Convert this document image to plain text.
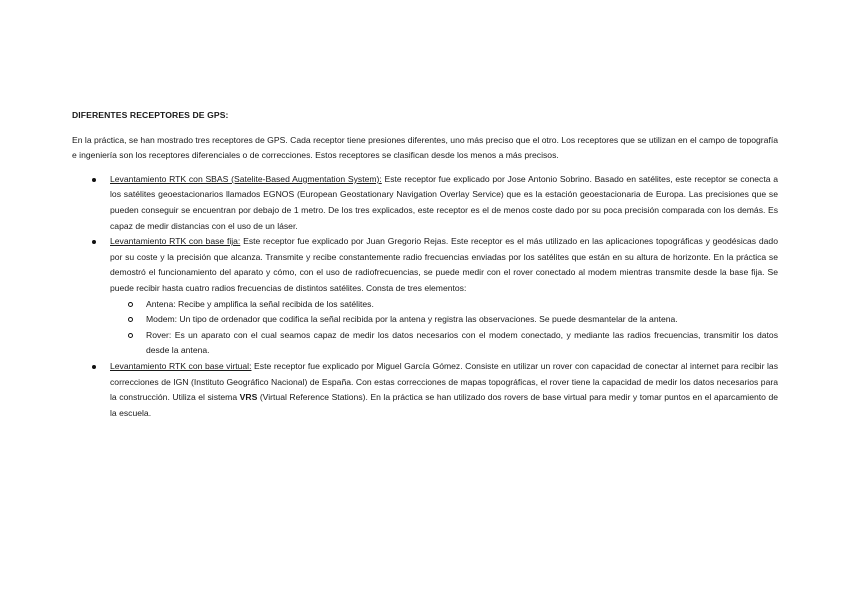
DIFERENTES RECEPTORES DE GPS:
En la práctica, se han mostrado tres receptores de GPS. Cada receptor tiene presiones diferentes, uno más preciso que el otro. Los receptores que se utilizan en el campo de topografía e ingeniería son los receptores diferenciales o de correcciones. Estos receptores se clasifican desde los menos a más precisos.
Levantamiento RTK con SBAS (Satelite-Based Augmentation System): Este receptor fue explicado por Jose Antonio Sobrino. Basado en satélites, este receptor se conecta a los satélites geoestacionarios llamados EGNOS (European Geostationary Navigation Overlay Service) que es la estación geoestacionaria de Europa. Las precisiones que se pueden conseguir se encuentran por debajo de 1 metro. De los tres explicados, este receptor es el de menos coste dado por su poca precisión comparada con los demás. Es capaz de medir distancias con el uso de un láser.
Levantamiento RTK con base fija: Este receptor fue explicado por Juan Gregorio Rejas. Este receptor es el más utilizado en las aplicaciones topográficas y geodésicas dado por su coste y la precisión que alcanza. Transmite y recibe constantemente radio frecuencias enviadas por los satélites que están en su altura de horizonte. En la práctica se demostró el funcionamiento del aparato y cómo, con el uso de radiofrecuencias, se puede medir con el rover conectado al modem mientras transmite desde la base fija. Se puede recibir hasta cuatro radios frecuencias de distintos satélites. Consta de tres elementos:
Antena: Recibe y amplifica la señal recibida de los satélites.
Modem: Un tipo de ordenador que codifica la señal recibida por la antena y registra las observaciones. Se puede desmantelar de la antena.
Rover: Es un aparato con el cual seamos capaz de medir los datos necesarios con el modem conectado, y mediante las radios frecuencias, transmitir los datos desde la antena.
Levantamiento RTK con base virtual: Este receptor fue explicado por Miguel García Gómez. Consiste en utilizar un rover con capacidad de conectar al internet para recibir las correcciones de IGN (Instituto Geográfico Nacional) de España. Con estas correcciones de mapas topográficas, el rover tiene la capacidad de medir los datos necesarios para la construcción. Utiliza el sistema VRS (Virtual Reference Stations). En la práctica se han utilizado dos rovers de base virtual para medir y tomar puntos en el aparcamiento de la escuela.
